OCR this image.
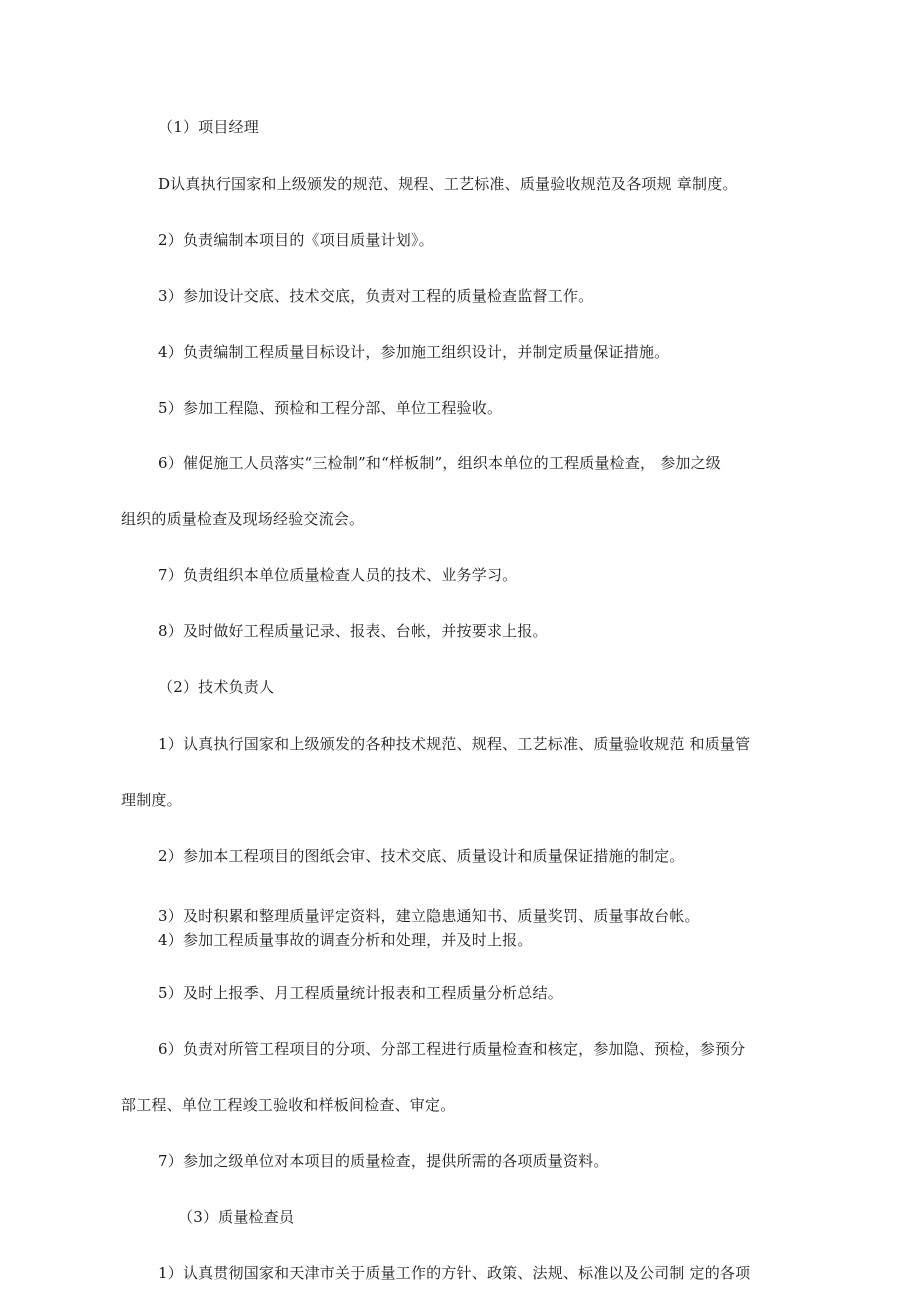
（1）项目经理
D认真执行国家和上级颁发的规范、规程、工艺标准、质量验收规范及各项规 章制度。
2）负责编制本项目的《项目质量计划》。
3）参加设计交底、技术交底，负责对工程的质量检查监督工作。
4）负责编制工程质量目标设计，参加施工组织设计，并制定质量保证措施。
5）参加工程隐、预检和工程分部、单位工程验收。
6）催促施工人员落实“三检制”和“样板制”，组织本单位的工程质量检查， 参加之级
组织的质量检查及现场经验交流会。
7）负责组织本单位质量检查人员的技术、业务学习。
8）及时做好工程质量记录、报表、台帐，并按要求上报。
（2）技术负责人
1）认真执行国家和上级颁发的各种技术规范、规程、工艺标准、质量验收规范 和质量管
理制度。
2）参加本工程项目的图纸会审、技术交底、质量设计和质量保证措施的制定。
3）及时积累和整理质量评定资料，建立隐患通知书、质量奖罚、质量事故台帐。
4）参加工程质量事故的调查分析和处理，并及时上报。
5）及时上报季、月工程质量统计报表和工程质量分析总结。
6）负责对所管工程项目的分项、分部工程进行质量检查和核定，参加隐、预检，参预分
部工程、单位工程竣工验收和样板间检查、审定。
7）参加之级单位对本项目的质量检查，提供所需的各项质量资料。
（3）质量检查员
1）认真贯彻国家和天津市关于质量工作的方针、政策、法规、标准以及公司制 定的各项
